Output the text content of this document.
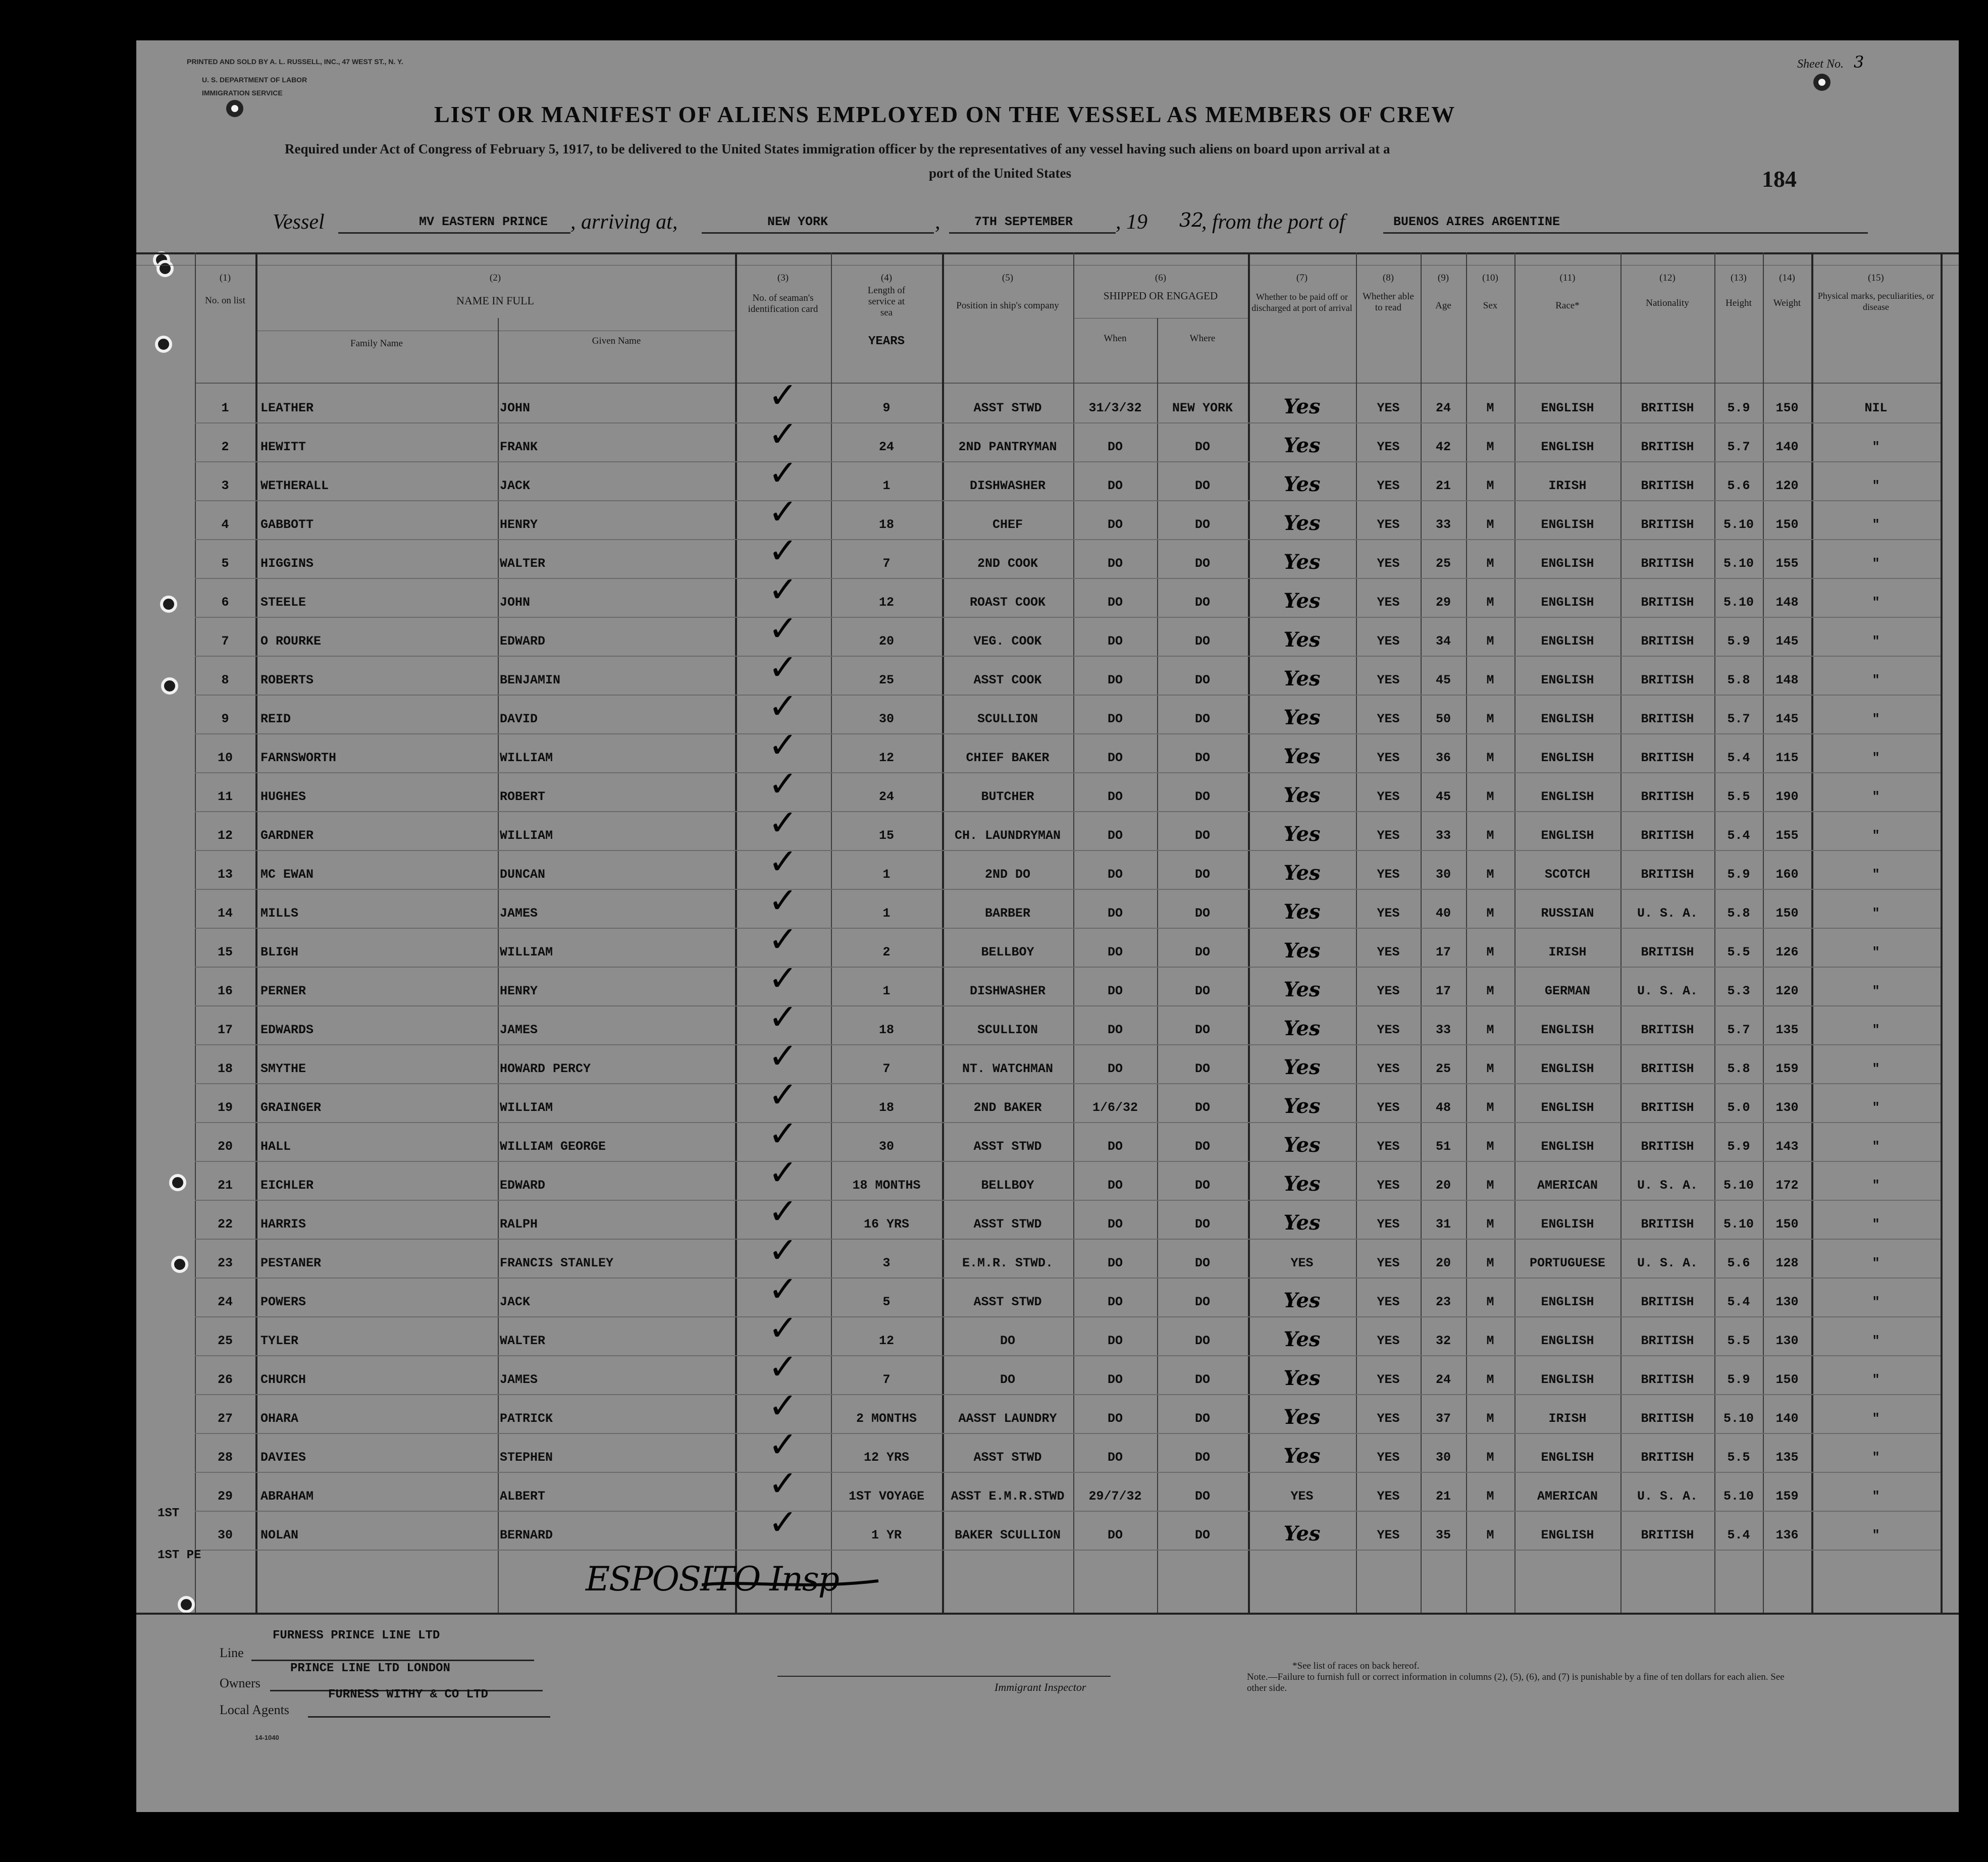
PRINTED AND SOLD BY A. L. RUSSELL, INC., 47 WEST ST., N. Y.
U. S. DEPARTMENT OF LABOR
IMMIGRATION SERVICE
Sheet No. 3
184
LIST OR MANIFEST OF ALIENS EMPLOYED ON THE VESSEL AS MEMBERS OF CREW
Required under Act of Congress of February 5, 1917, to be delivered to the United States immigration officer by the representatives of any vessel having such aliens on board upon arrival at a
port of the United States
Vessel	MV EASTERN PRINCE , arriving at,	NEW YORK	,	7TH SEPTEMBER , 19 32
, from the port of	BUENOS AIRES ARGENTINE
(1)
No. on list
(2)
NAME IN FULL
Family Name	Given Name
(3)
No. of seaman's identification card
(4)
Length of service at sea
YEARS
(5)
Position in ship's company
(6)
SHIPPED OR ENGAGED
When	Where
(7)
Whether to be paid off or discharged at port of arrival
(8)
Whether able to read
(9)
Age
(10)
Sex
(11)
Race*
(12)
Nationality
(13)
Height
(14)
Weight
(15)
Physical marks, peculiarities, or disease
1	LEATHER	JOHN	✓	9	ASST STWD	31/3/32	NEW YORK	Yes	YES	24	M	ENGLISH	BRITISH	5.9	150	NIL
2	HEWITT	FRANK	✓	24	2ND PANTRYMAN	DO	DO	Yes	YES	42	M	ENGLISH	BRITISH	5.7	140	"
3	WETHERALL	JACK	✓	1	DISHWASHER	DO	DO	Yes	YES	21	M	IRISH	BRITISH	5.6	120	"
4	GABBOTT	HENRY	✓	18	CHEF	DO	DO	Yes	YES	33	M	ENGLISH	BRITISH	5.10	150	"
5	HIGGINS	WALTER	✓	7	2ND COOK	DO	DO	Yes	YES	25	M	ENGLISH	BRITISH	5.10	155	"
6	STEELE	JOHN	✓	12	ROAST COOK	DO	DO	Yes	YES	29	M	ENGLISH	BRITISH	5.10	148	"
7	O ROURKE	EDWARD	✓	20	VEG. COOK	DO	DO	Yes	YES	34	M	ENGLISH	BRITISH	5.9	145	"
8	ROBERTS	BENJAMIN	✓	25	ASST COOK	DO	DO	Yes	YES	45	M	ENGLISH	BRITISH	5.8	148	"
9	REID	DAVID	✓	30	SCULLION	DO	DO	Yes	YES	50	M	ENGLISH	BRITISH	5.7	145	"
10	FARNSWORTH	WILLIAM	✓	12	CHIEF BAKER	DO	DO	Yes	YES	36	M	ENGLISH	BRITISH	5.4	115	"
11	HUGHES	ROBERT	✓	24	BUTCHER	DO	DO	Yes	YES	45	M	ENGLISH	BRITISH	5.5	190	"
12	GARDNER	WILLIAM	✓	15	CH. LAUNDRYMAN	DO	DO	Yes	YES	33	M	ENGLISH	BRITISH	5.4	155	"
13	MC EWAN	DUNCAN	✓	1	2ND DO	DO	DO	Yes	YES	30	M	SCOTCH	BRITISH	5.9	160	"
14	MILLS	JAMES	✓	1	BARBER	DO	DO	Yes	YES	40	M	RUSSIAN	U. S. A.	5.8	150	"
15	BLIGH	WILLIAM	✓	2	BELLBOY	DO	DO	Yes	YES	17	M	IRISH	BRITISH	5.5	126	"
16	PERNER	HENRY	✓	1	DISHWASHER	DO	DO	Yes	YES	17	M	GERMAN	U. S. A.	5.3	120	"
17	EDWARDS	JAMES	✓	18	SCULLION	DO	DO	Yes	YES	33	M	ENGLISH	BRITISH	5.7	135	"
18	SMYTHE	HOWARD PERCY	✓	7	NT. WATCHMAN	DO	DO	Yes	YES	25	M	ENGLISH	BRITISH	5.8	159	"
19	GRAINGER	WILLIAM	✓	18	2ND BAKER	1/6/32	DO	Yes	YES	48	M	ENGLISH	BRITISH	5.0	130	"
20	HALL	WILLIAM GEORGE	✓	30	ASST STWD	DO	DO	Yes	YES	51	M	ENGLISH	BRITISH	5.9	143	"
21	EICHLER	EDWARD	✓	18 MONTHS	BELLBOY	DO	DO	Yes	YES	20	M	AMERICAN	U. S. A.	5.10	172	"
22	HARRIS	RALPH	✓	16 YRS	ASST STWD	DO	DO	Yes	YES	31	M	ENGLISH	BRITISH	5.10	150	"
23	PESTANER	FRANCIS STANLEY	✓	3	E.M.R. STWD.	DO	DO	YES	YES	20	M	PORTUGUESE	U. S. A.	5.6	128	"
24	POWERS	JACK	✓	5	ASST STWD	DO	DO	Yes	YES	23	M	ENGLISH	BRITISH	5.4	130	"
25	TYLER	WALTER	✓	12	DO	DO	DO	Yes	YES	32	M	ENGLISH	BRITISH	5.5	130	"
26	CHURCH	JAMES	✓	7	DO	DO	DO	Yes	YES	24	M	ENGLISH	BRITISH	5.9	150	"
27	OHARA	PATRICK	✓	2 MONTHS	AASST LAUNDRY	DO	DO	Yes	YES	37	M	IRISH	BRITISH	5.10	140	"
28	DAVIES	STEPHEN	✓	12 YRS	ASST STWD	DO	DO	Yes	YES	30	M	ENGLISH	BRITISH	5.5	135	"
29	ABRAHAM	ALBERT	✓	1ST VOYAGE	ASST E.M.R.STWD	29/7/32	DO	YES	YES	21	M	AMERICAN	U. S. A.	5.10	159	"
30	NOLAN	BERNARD	✓	1 YR	BAKER SCULLION	DO	DO	Yes	YES	35	M	ENGLISH	BRITISH	5.4	136	"
1ST
1ST PE
ESPOSITO Insp
Line
FURNESS PRINCE LINE LTD
Owners
PRINCE LINE LTD LONDON
Local Agents
FURNESS WITHY & CO LTD
14-1040
Immigrant Inspector
*See list of races on back hereof.
Note.—Failure to furnish full or correct information in columns (2), (5), (6), and (7) is punishable by a fine of ten dollars for each alien. See other side.
